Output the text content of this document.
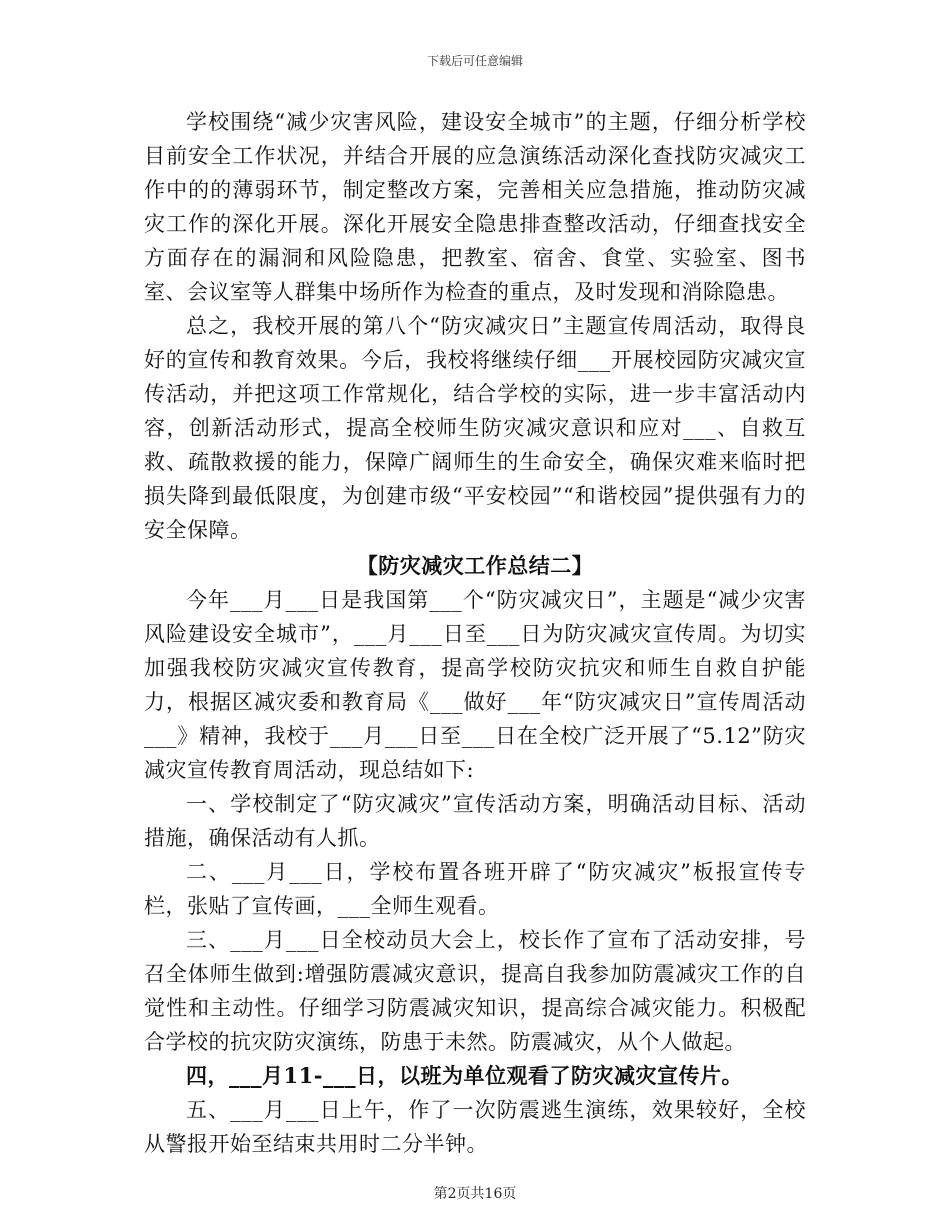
下载后可任意编辑

学校围绕“减少灾害风险，建设安全城市”的主题，仔细分析学校目前安全工作状况，并结合开展的应急演练活动深化查找防灾减灾工作中的的薄弱环节，制定整改方案，完善相关应急措施，推动防灾减灾工作的深化开展。深化开展安全隐患排查整改活动，仔细查找安全方面存在的漏洞和风险隐患，把教室、宿舍、食堂、实验室、图书室、会议室等人群集中场所作为检查的重点，及时发现和消除隐患。

总之，我校开展的第八个“防灾减灾日”主题宣传周活动，取得良好的宣传和教育效果。今后，我校将继续仔细___开展校园防灾减灾宣传活动，并把这项工作常规化，结合学校的实际，进一步丰富活动内容，创新活动形式，提高全校师生防灾减灾意识和应对___、自救互救、疏散救援的能力，保障广阔师生的生命安全，确保灾难来临时把损失降到最低限度，为创建市级“平安校园”“和谐校园”提供强有力的安全保障。

【防灾减灾工作总结二】

今年___月___日是我国第___个“防灾减灾日”，主题是“减少灾害风险建设安全城市”，___月___日至___日为防灾减灾宣传周。为切实加强我校防灾减灾宣传教育，提高学校防灾抗灾和师生自救自护能力，根据区减灾委和教育局《___做好___年“防灾减灾日”宣传周活动___》精神，我校于___月___日至___日在全校广泛开展了“5.12”防灾减灾宣传教育周活动，现总结如下:

一、学校制定了“防灾减灾”宣传活动方案，明确活动目标、活动措施，确保活动有人抓。

二、___月___日，学校布置各班开辟了“防灾减灾”板报宣传专栏，张贴了宣传画，___全师生观看。

三、___月___日全校动员大会上，校长作了宣布了活动安排，号召全体师生做到:增强防震减灾意识，提高自我参加防震减灾工作的自觉性和主动性。仔细学习防震减灾知识，提高综合减灾能力。积极配合学校的抗灾防灾演练，防患于未然。防震减灾，从个人做起。

四，___月11-___日，以班为单位观看了防灾减灾宣传片。

五、___月___日上午，作了一次防震逃生演练，效果较好，全校从警报开始至结束共用时二分半钟。

第2页共16页
